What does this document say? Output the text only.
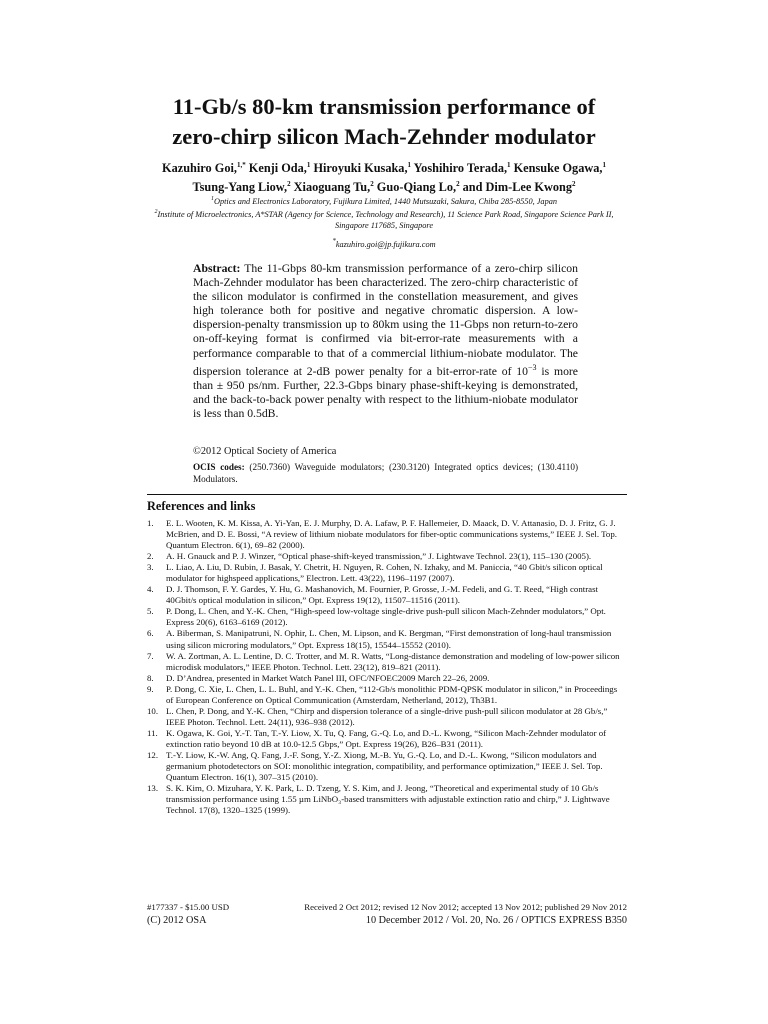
11-Gb/s 80-km transmission performance of
zero-chirp silicon Mach-Zehnder modulator
Kazuhiro Goi,$^{1,*}$ Kenji Oda,$^1$ Hiroyuki Kusaka,$^1$ Yoshihiro Terada,$^1$ Kensuke Ogawa,$^1$
Tsung-Yang Liow,$^2$ Xiaoguang Tu,$^2$ Guo-Qiang Lo,$^2$ and Dim-Lee Kwong$^2$
$^1$Optics and Electronics Laboratory, Fujikura Limited, 1440 Mutsuzaki, Sakura, Chiba 285-8550, Japan
$^2$Institute of Microelectronics, A*STAR (Agency for Science, Technology and Research), 11 Science Park Road, Singapore Science Park II, Singapore 117685, Singapore
*kazuhiro.goi@jp.fujikura.com
Abstract: The 11-Gbps 80-km transmission performance of a zero-chirp silicon Mach-Zehnder modulator has been characterized. The zero-chirp characteristic of the silicon modulator is confirmed in the constellation measurement, and gives high tolerance both for positive and negative chromatic dispersion. A low-dispersion-penalty transmission up to 80km using the 11-Gbps non return-to-zero on-off-keying format is confirmed via bit-error-rate measurements with a performance comparable to that of a commercial lithium-niobate modulator. The dispersion tolerance at 2-dB power penalty for a bit-error-rate of $10^{-3}$ is more than ± 950 ps/nm. Further, 22.3-Gbps binary phase-shift-keying is demonstrated, and the back-to-back power penalty with respect to the lithium-niobate modulator is less than 0.5dB.
©2012 Optical Society of America
OCIS codes: (250.7360) Waveguide modulators; (230.3120) Integrated optics devices; (130.4110) Modulators.
References and links
1.	E. L. Wooten, K. M. Kissa, A. Yi-Yan, E. J. Murphy, D. A. Lafaw, P. F. Hallemeier, D. Maack, D. V. Attanasio, D. J. Fritz, G. J. McBrien, and D. E. Bossi, “A review of lithium niobate modulators for fiber-optic communications systems,” IEEE J. Sel. Top. Quantum Electron. 6(1), 69–82 (2000).
2.	A. H. Gnauck and P. J. Winzer, “Optical phase-shift-keyed transmission,” J. Lightwave Technol. 23(1), 115–130 (2005).
3.	L. Liao, A. Liu, D. Rubin, J. Basak, Y. Chetrit, H. Nguyen, R. Cohen, N. Izhaky, and M. Paniccia, “40 Gbit/s silicon optical modulator for highspeed applications,” Electron. Lett. 43(22), 1196–1197 (2007).
4.	D. J. Thomson, F. Y. Gardes, Y. Hu, G. Mashanovich, M. Fournier, P. Grosse, J.-M. Fedeli, and G. T. Reed, “High contrast 40Gbit/s optical modulation in silicon,” Opt. Express 19(12), 11507–11516 (2011).
5.	P. Dong, L. Chen, and Y.-K. Chen, “High-speed low-voltage single-drive push-pull silicon Mach-Zehnder modulators,” Opt. Express 20(6), 6163–6169 (2012).
6.	A. Biberman, S. Manipatruni, N. Ophir, L. Chen, M. Lipson, and K. Bergman, “First demonstration of long-haul transmission using silicon microring modulators,” Opt. Express 18(15), 15544–15552 (2010).
7.	W. A. Zortman, A. L. Lentine, D. C. Trotter, and M. R. Watts, “Long-distance demonstration and modeling of low-power silicon microdisk modulators,” IEEE Photon. Technol. Lett. 23(12), 819–821 (2011).
8.	D. D’Andrea, presented in Market Watch Panel III, OFC/NFOEC2009 March 22–26, 2009.
9.	P. Dong, C. Xie, L. Chen, L. L. Buhl, and Y.-K. Chen, “112-Gb/s monolithic PDM-QPSK modulator in silicon,” in Proceedings of European Conference on Optical Communication (Amsterdam, Netherland, 2012), Th3B1.
10. L. Chen, P. Dong, and Y.-K. Chen, “Chirp and dispersion tolerance of a single-drive push-pull silicon modulator at 28 Gb/s,” IEEE Photon. Technol. Lett. 24(11), 936–938 (2012).
11. K. Ogawa, K. Goi, Y.-T. Tan, T.-Y. Liow, X. Tu, Q. Fang, G.-Q. Lo, and D.-L. Kwong, “Silicon Mach-Zehnder modulator of extinction ratio beyond 10 dB at 10.0-12.5 Gbps,” Opt. Express 19(26), B26–B31 (2011).
12. T.-Y. Liow, K.-W. Ang, Q. Fang, J.-F. Song, Y.-Z. Xiong, M.-B. Yu, G.-Q. Lo, and D.-L. Kwong, “Silicon modulators and germanium photodetectors on SOI: monolithic integration, compatibility, and performance optimization,” IEEE J. Sel. Top. Quantum Electron. 16(1), 307–315 (2010).
13. S. K. Kim, O. Mizuhara, Y. K. Park, L. D. Tzeng, Y. S. Kim, and J. Jeong, “Theoretical and experimental study of 10 Gb/s transmission performance using 1.55 µm LiNbO₃-based transmitters with adjustable extinction ratio and chirp,” J. Lightwave Technol. 17(8), 1320–1325 (1999).
#177337 - $15.00 USD	Received 2 Oct 2012; revised 12 Nov 2012; accepted 13 Nov 2012; published 29 Nov 2012
(C) 2012 OSA	10 December 2012 / Vol. 20, No. 26 / OPTICS EXPRESS B350
